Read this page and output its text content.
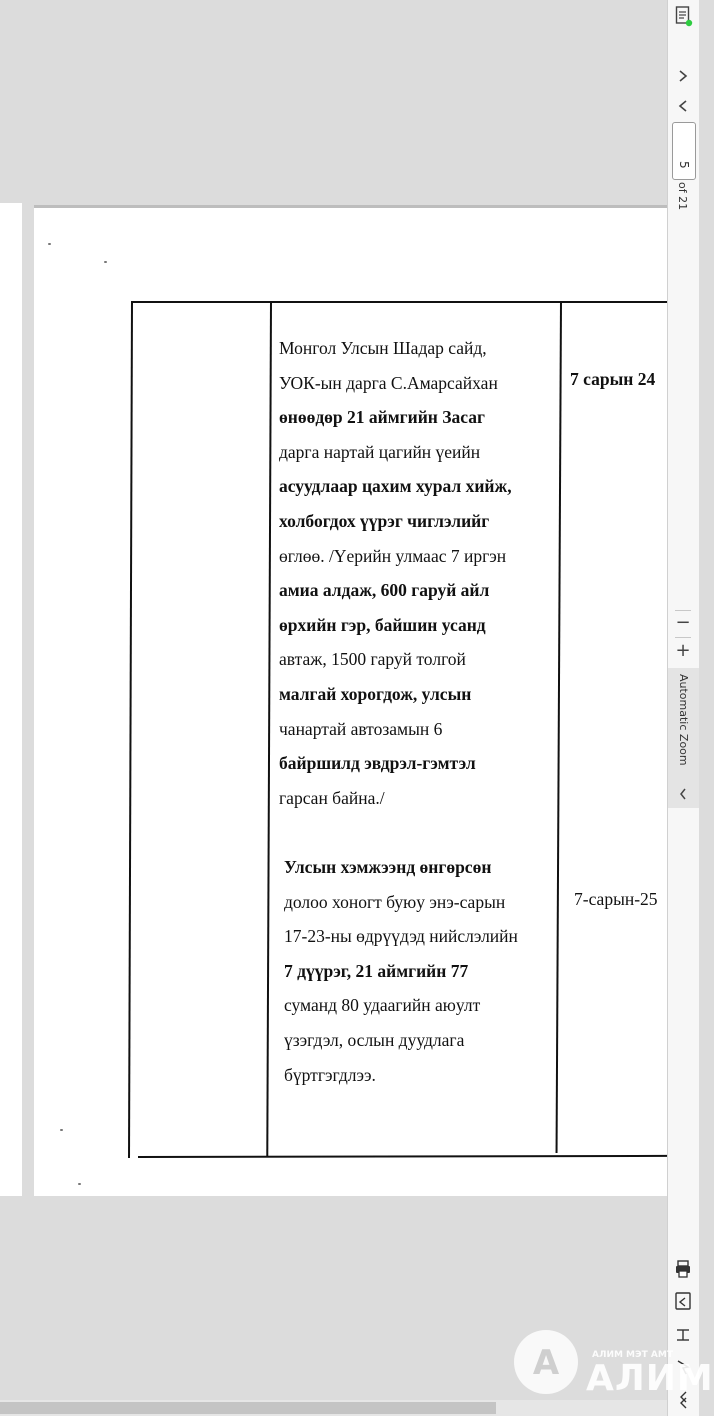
Монгол Улсын Шадар сайд,
УОК-ын дарга С.Амарсайхан
өнөөдөр 21 аймгийн Засаг
дарга нартай цагийн үеийн
асуудлаар цахим хурал хийж,
холбогдох үүрэг чиглэлийг
өглөө. /Үерийн улмаас 7 иргэн
амиа алдаж, 600 гаруй айл
өрхийн гэр, байшин усанд
автаж, 1500 гаруй толгой
малгай хорогдож, улсын
чанартай автозамын 6
байршилд эвдрэл-гэмтэл
гарсан байна./
7 сарын 24
Улсын хэмжээнд өнгөрсөн
долоо хоногт буюу энэ-сарын
17-23-ны өдрүүдэд нийслэлийн
7 дүүрэг, 21 аймгийн 77
суманд 80 удаагийн аюулт
үзэгдэл, ослын дуудлага
бүртгэгдлээ.
7-сарын-25
5
of 21
−
+
Automatic Zoom
А	АЛИМ МЭТ АМТ
АЛИМ
